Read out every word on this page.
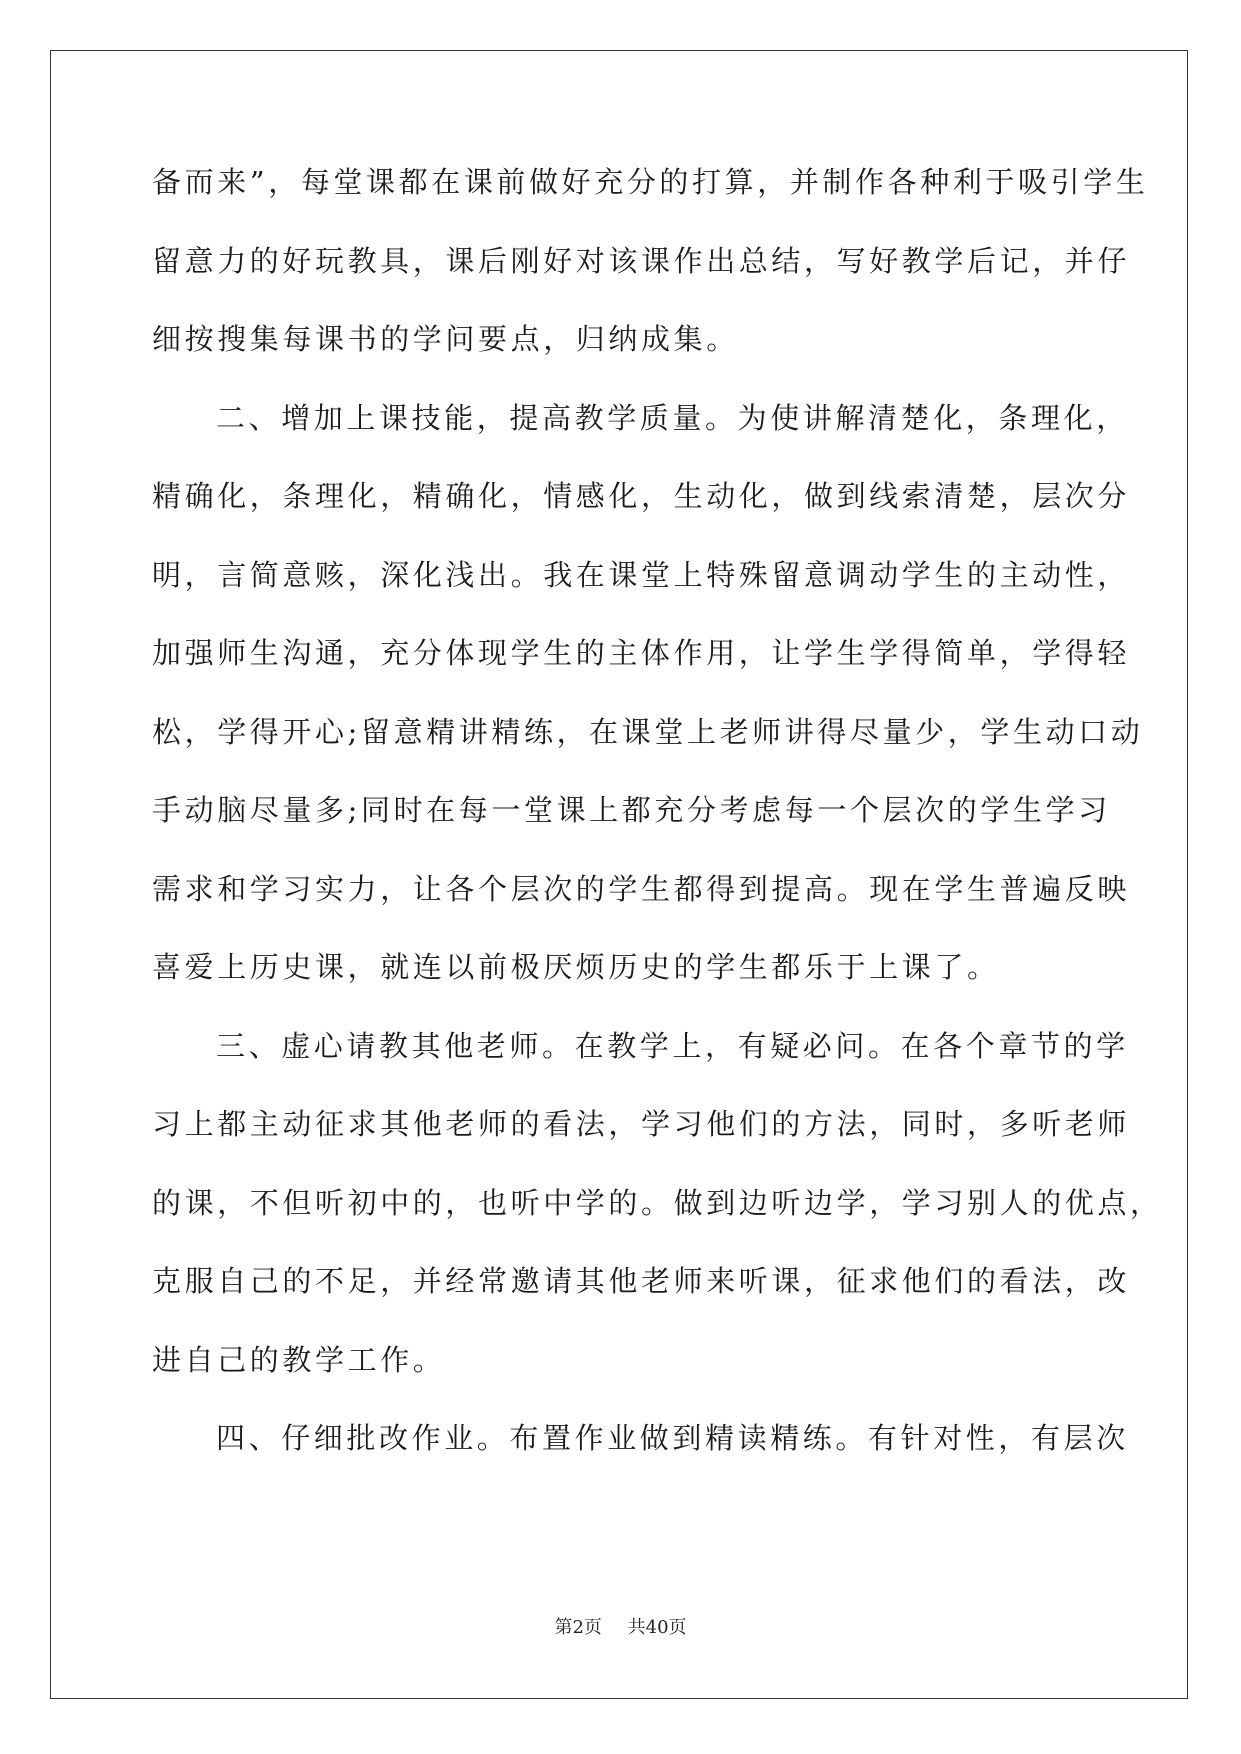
备而来”，每堂课都在课前做好充分的打算，并制作各种利于吸引学生
留意力的好玩教具，课后刚好对该课作出总结，写好教学后记，并仔
细按搜集每课书的学问要点，归纳成集。
二、增加上课技能，提高教学质量。为使讲解清楚化，条理化，
精确化，条理化，精确化，情感化，生动化，做到线索清楚，层次分
明，言简意赅，深化浅出。我在课堂上特殊留意调动学生的主动性，
加强师生沟通，充分体现学生的主体作用，让学生学得简单，学得轻
松，学得开心;留意精讲精练，在课堂上老师讲得尽量少，学生动口动
手动脑尽量多;同时在每一堂课上都充分考虑每一个层次的学生学习
需求和学习实力，让各个层次的学生都得到提高。现在学生普遍反映
喜爱上历史课，就连以前极厌烦历史的学生都乐于上课了。
三、虚心请教其他老师。在教学上，有疑必问。在各个章节的学
习上都主动征求其他老师的看法，学习他们的方法，同时，多听老师
的课，不但听初中的，也听中学的。做到边听边学，学习别人的优点，
克服自己的不足，并经常邀请其他老师来听课，征求他们的看法，改
进自己的教学工作。
四、仔细批改作业。布置作业做到精读精练。有针对性，有层次
第2页 共40页
